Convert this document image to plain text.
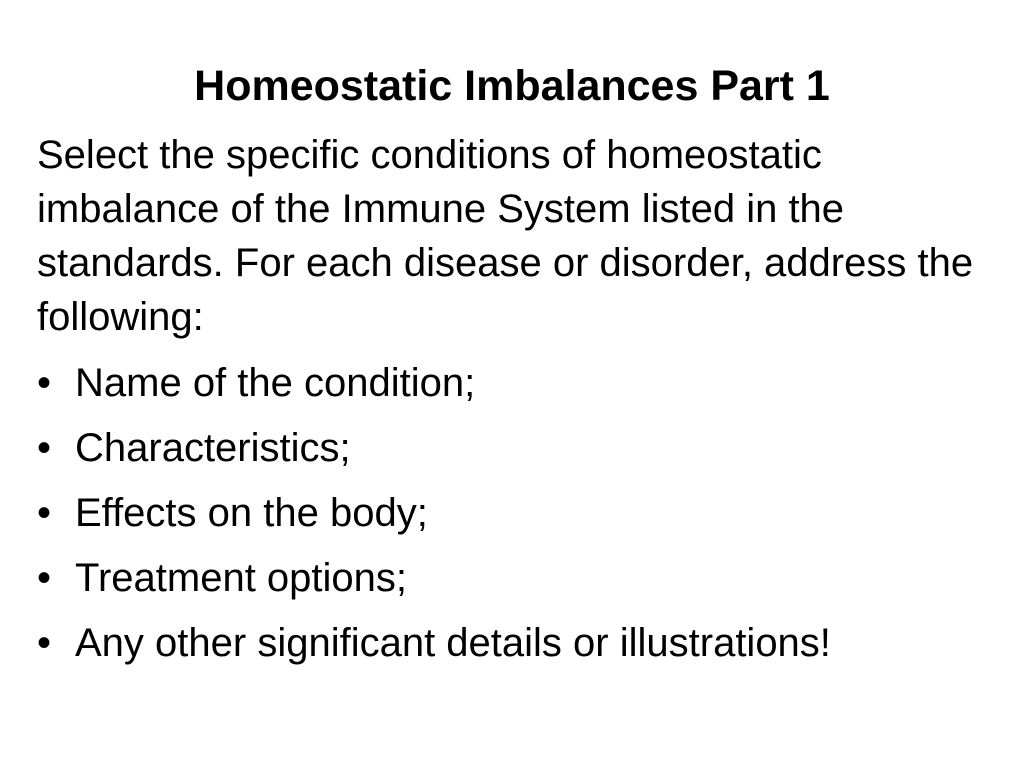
Homeostatic Imbalances Part 1

Select the specific conditions of homeostatic imbalance of the Immune System listed in the standards. For each disease or disorder, address the following:

• Name of the condition;
• Characteristics;
• Effects on the body;
• Treatment options;
• Any other significant details or illustrations!
